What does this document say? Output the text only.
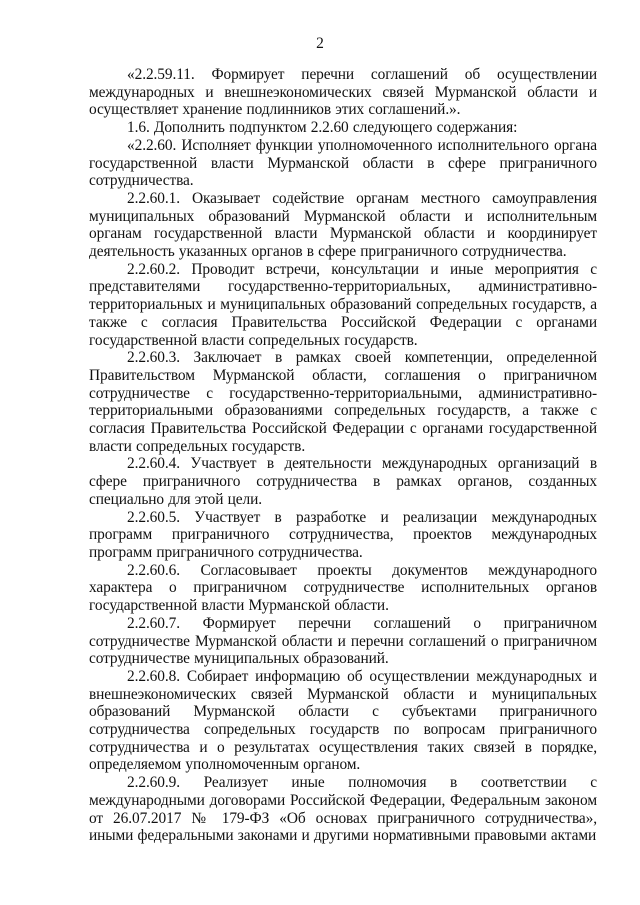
2

«2.2.59.11. Формирует перечни соглашений об осуществлении международных и внешнеэкономических связей Мурманской области и осуществляет хранение подлинников этих соглашений.».

1.6. Дополнить подпунктом 2.2.60 следующего содержания:

«2.2.60. Исполняет функции уполномоченного исполнительного органа государственной власти Мурманской области в сфере приграничного сотрудничества.

2.2.60.1. Оказывает содействие органам местного самоуправления муниципальных образований Мурманской области и исполнительным органам государственной власти Мурманской области и координирует деятельность указанных органов в сфере приграничного сотрудничества.

2.2.60.2. Проводит встречи, консультации и иные мероприятия с представителями государственно-территориальных, административно-территориальных и муниципальных образований сопредельных государств, а также с согласия Правительства Российской Федерации с органами государственной власти сопредельных государств.

2.2.60.3. Заключает в рамках своей компетенции, определенной Правительством Мурманской области, соглашения о приграничном сотрудничестве с государственно-территориальными, административно-территориальными образованиями сопредельных государств, а также с согласия Правительства Российской Федерации с органами государственной власти сопредельных государств.

2.2.60.4. Участвует в деятельности международных организаций в сфере приграничного сотрудничества в рамках органов, созданных специально для этой цели.

2.2.60.5. Участвует в разработке и реализации международных программ приграничного сотрудничества, проектов международных программ приграничного сотрудничества.

2.2.60.6. Согласовывает проекты документов международного характера о приграничном сотрудничестве исполнительных органов государственной власти Мурманской области.

2.2.60.7. Формирует перечни соглашений о приграничном сотрудничестве Мурманской области и перечни соглашений о приграничном сотрудничестве муниципальных образований.

2.2.60.8. Собирает информацию об осуществлении международных и внешнеэкономических связей Мурманской области и муниципальных образований Мурманской области с субъектами приграничного сотрудничества сопредельных государств по вопросам приграничного сотрудничества и о результатах осуществления таких связей в порядке, определяемом уполномоченным органом.

2.2.60.9. Реализует иные полномочия в соответствии с международными договорами Российской Федерации, Федеральным законом от 26.07.2017 № 179-ФЗ «Об основах приграничного сотрудничества», иными федеральными законами и другими нормативными правовыми актами
